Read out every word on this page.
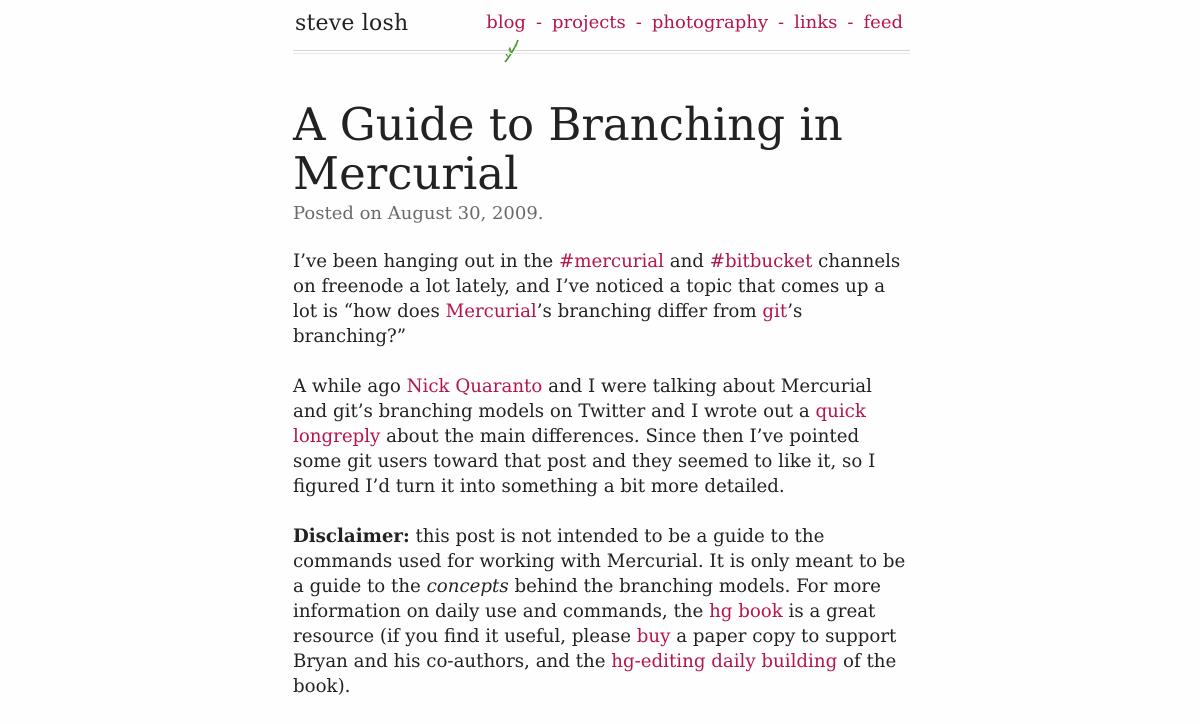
steve losh	blog - projects - photography - links - feed
A Guide to Branching in Mercurial
Posted on August 30, 2009.

I’ve been hanging out in the #mercurial and #bitbucket channels on freenode a lot lately, and I’ve noticed a topic that comes up a lot is “how does Mercurial’s branching differ from git’s branching?”

A while ago Nick Quaranto and I were talking about Mercurial and git’s branching models on Twitter and I wrote out a quick longreply about the main differences. Since then I’ve pointed some git users toward that post and they seemed to like it, so I figured I’d turn it into something a bit more detailed.

Disclaimer: this post is not intended to be a guide to the commands used for working with Mercurial. It is only meant to be a guide to the concepts behind the branching models. For more information on daily use and commands, the hg book is a great resource (if you find it useful, please buy a paper copy to support Bryan and his co-authors, and the hg-editing daily building of the book).
